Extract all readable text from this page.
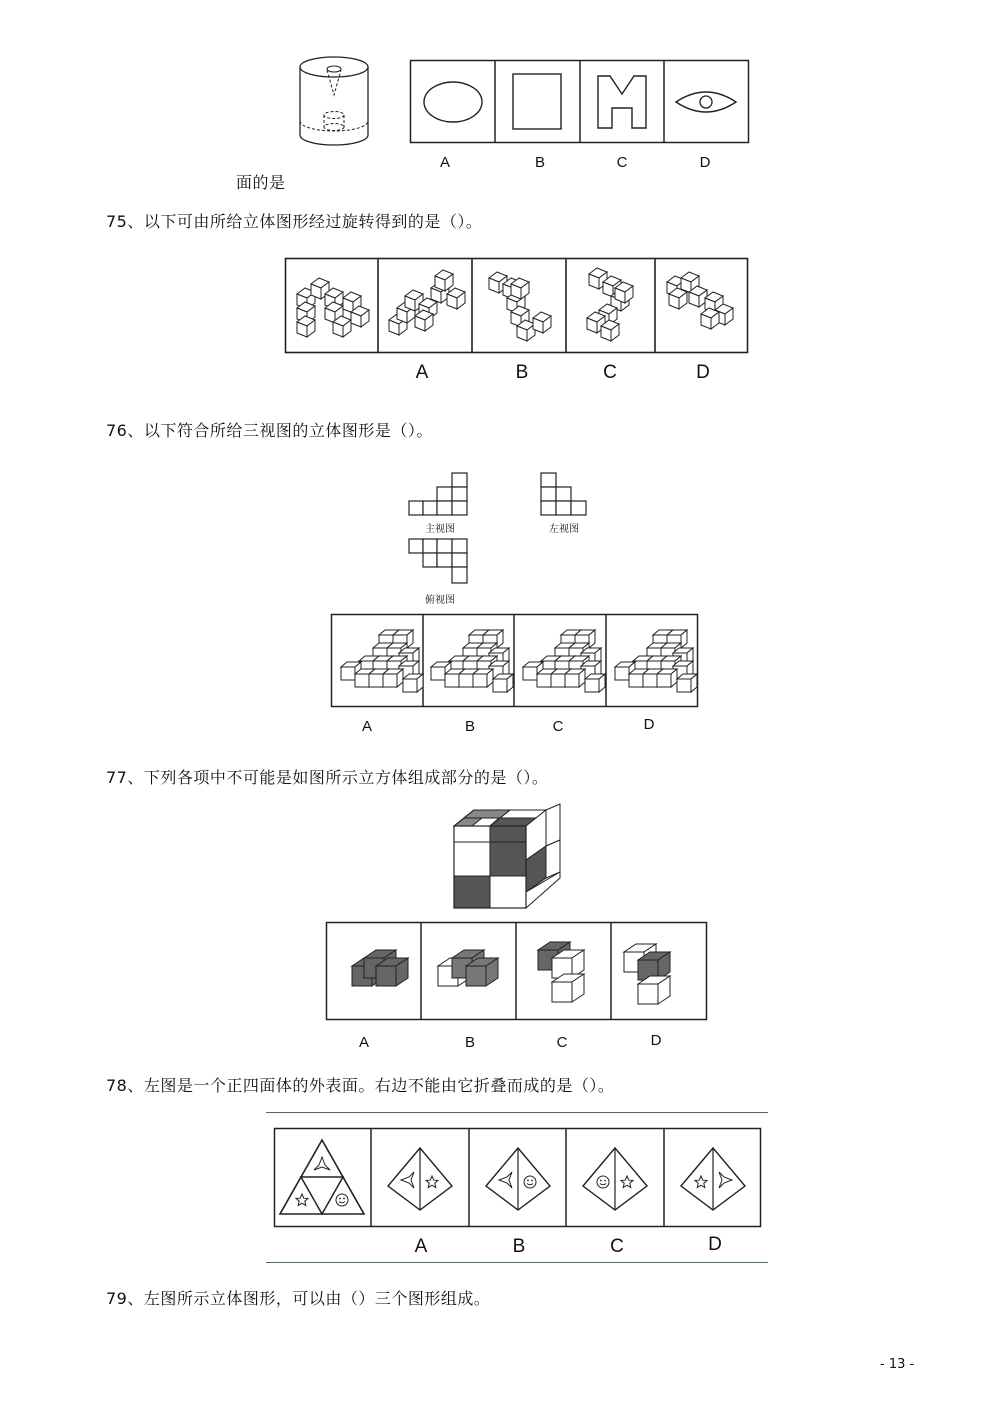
A	B	C	D
面的是
75、以下可由所给立体图形经过旋转得到的是（）。
A	B	C	D
76、以下符合所给三视图的立体图形是（）。
主视图	左视图
俯视图
A	B	C	D
77、下列各项中不可能是如图所示立方体组成部分的是（）。
A	B	C	D
78、左图是一个正四面体的外表面。右边不能由它折叠而成的是（）。
A	B	C	D
79、左图所示立体图形，可以由（）三个图形组成。
- 13 -
